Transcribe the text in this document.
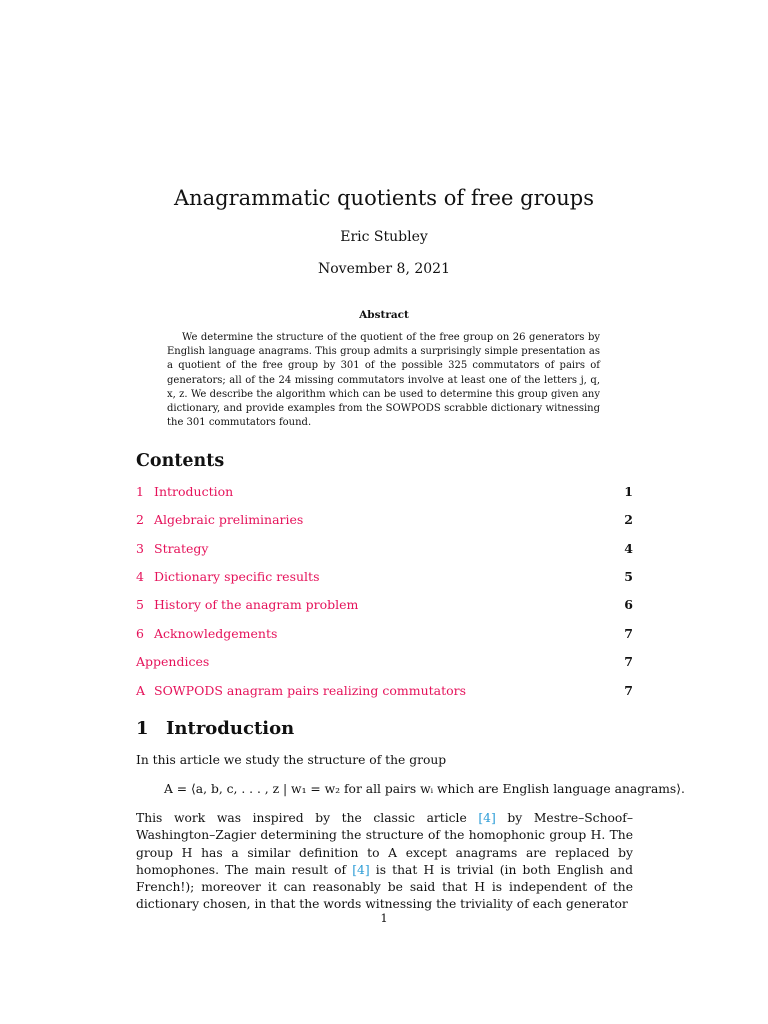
Anagrammatic quotients of free groups
Eric Stubley
November 8, 2021
Abstract
We determine the structure of the quotient of the free group on 26 generators by English language anagrams. This group admits a surprisingly simple presentation as a quotient of the free group by 301 of the possible 325 commutators of pairs of generators; all of the 24 missing commutators involve at least one of the letters j, q, x, z. We describe the algorithm which can be used to determine this group given any dictionary, and provide examples from the SOWPODS scrabble dictionary witnessing the 301 commutators found.
Contents
1 Introduction	1
2 Algebraic preliminaries	2
3 Strategy	4
4 Dictionary specific results	5
5 History of the anagram problem	6
6 Acknowledgements	7
Appendices	7
A SOWPODS anagram pairs realizing commutators	7
1 Introduction
In this article we study the structure of the group
A = ⟨a, b, c, . . . , z | w₁ = w₂ for all pairs wᵢ which are English language anagrams⟩.
This work was inspired by the classic article [4] by Mestre–Schoof–Washington–Zagier determining the structure of the homophonic group H. The group H has a similar definition to A except anagrams are replaced by homophones. The main result of [4] is that H is trivial (in both English and French!); moreover it can reasonably be said that H is independent of the dictionary chosen, in that the words witnessing the triviality of each generator
1
